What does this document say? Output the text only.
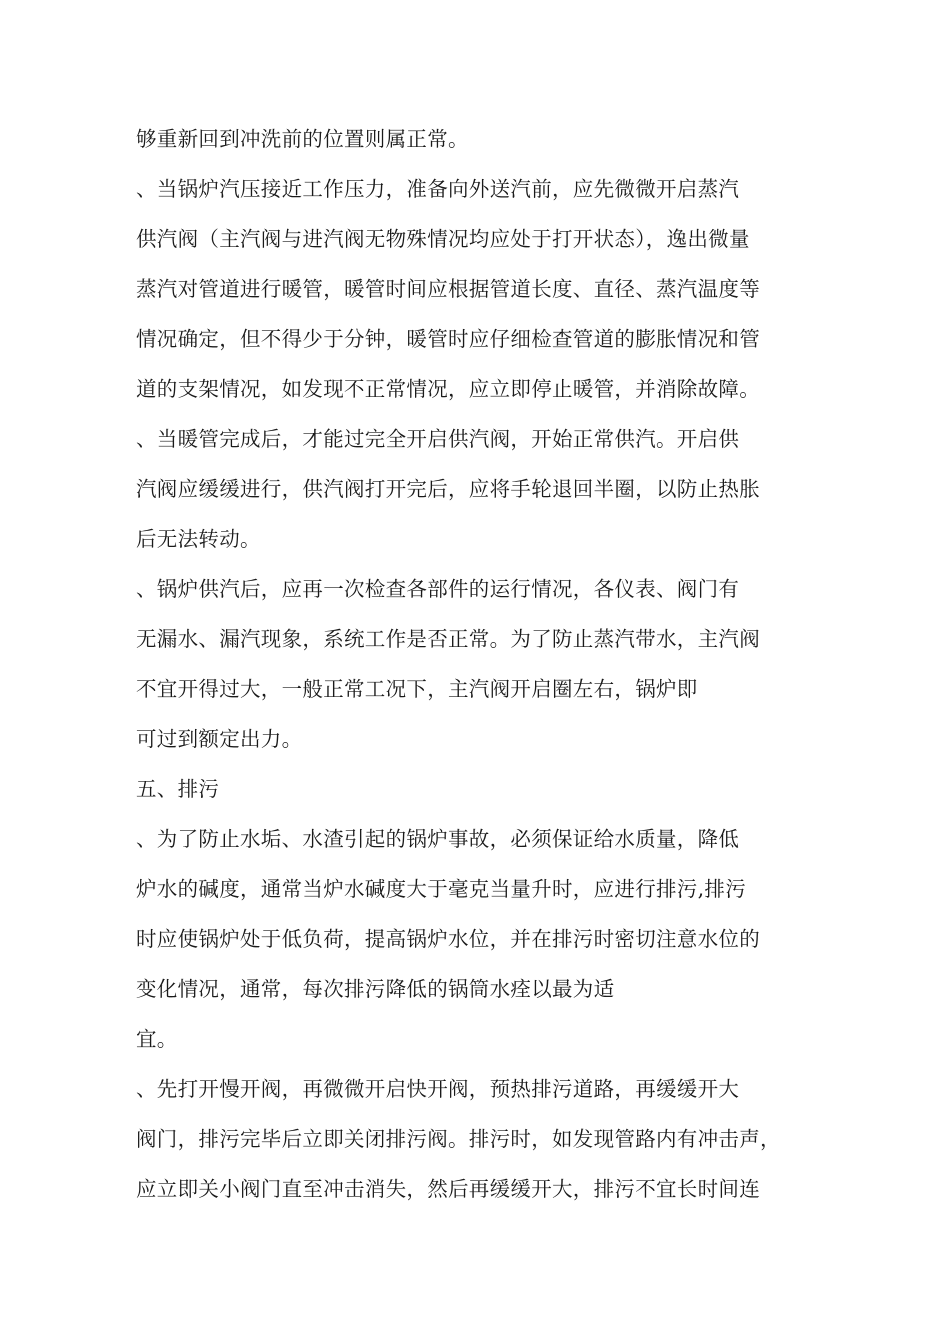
够重新回到冲洗前的位置则属正常。
、当锅炉汽压接近工作压力，准备向外送汽前，应先微微开启蒸汽
供汽阀（主汽阀与进汽阀无物殊情况均应处于打开状态），逸出微量
蒸汽对管道进行暖管，暖管时间应根据管道长度、直径、蒸汽温度等
情况确定，但不得少于分钟，暖管时应仔细检查管道的膨胀情况和管
道的支架情况，如发现不正常情况，应立即停止暖管，并消除故障。
、当暖管完成后，才能过完全开启供汽阀，开始正常供汽。开启供
汽阀应缓缓进行，供汽阀打开完后，应将手轮退回半圈，以防止热胀
后无法转动。
、锅炉供汽后，应再一次检查各部件的运行情况，各仪表、阀门有
无漏水、漏汽现象，系统工作是否正常。为了防止蒸汽带水，主汽阀
不宜开得过大，一般正常工况下，主汽阀开启圈左右，锅炉即
可过到额定出力。
五、排污
、为了防止水垢、水渣引起的锅炉事故，必须保证给水质量，降低
炉水的碱度，通常当炉水碱度大于毫克当量升时，应进行排污,排污
时应使锅炉处于低负荷，提高锅炉水位，并在排污时密切注意水位的
变化情况，通常，每次排污降低的锅筒水痊以最为适
宜。
、先打开慢开阀，再微微开启快开阀，预热排污道路，再缓缓开大
阀门，排污完毕后立即关闭排污阀。排污时，如发现管路内有冲击声，
应立即关小阀门直至冲击消失，然后再缓缓开大，排污不宜长时间连
